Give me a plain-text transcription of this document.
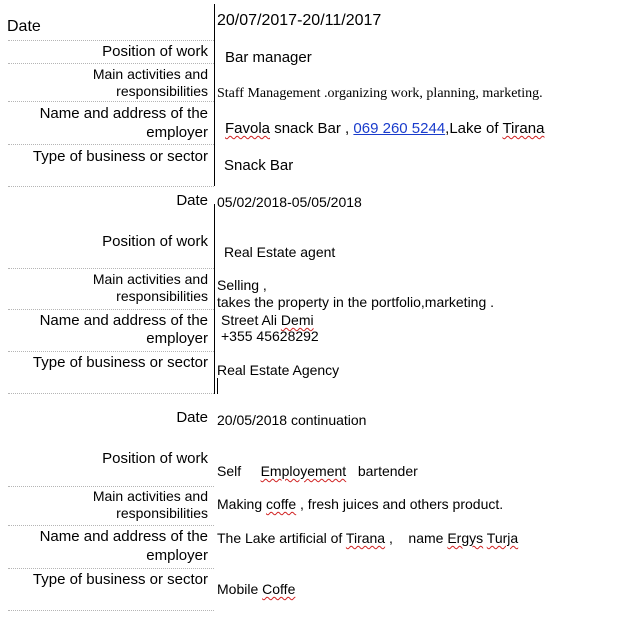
Date	20/07/2017-20/11/2017
Position of work Bar manager
Main activities and
responsibilities Staff Management .organizing work, planning, marketing.
Name and address of the
employer Favola snack Bar , 069 260 5244,Lake of Tirana
Type of business or sector
Snack Bar
Date 05/02/2018-05/05/2018
Position of work
Real Estate agent
Main activities and
responsibilities
Selling ,
takes the property in the portfolio,marketing .
Name and address of the
employer
Street Ali Demi
+355 45628292
Type of business or sector Real Estate Agency
Date 20/05/2018 continuation
Position of work
Self     Employement   bartender
Main activities and
responsibilities
Making coffe , fresh juices and others product.
Name and address of the
employer
The Lake artificial of Tirana ,    name Ergys Turja
Type of business or sector
Mobile Coffe
